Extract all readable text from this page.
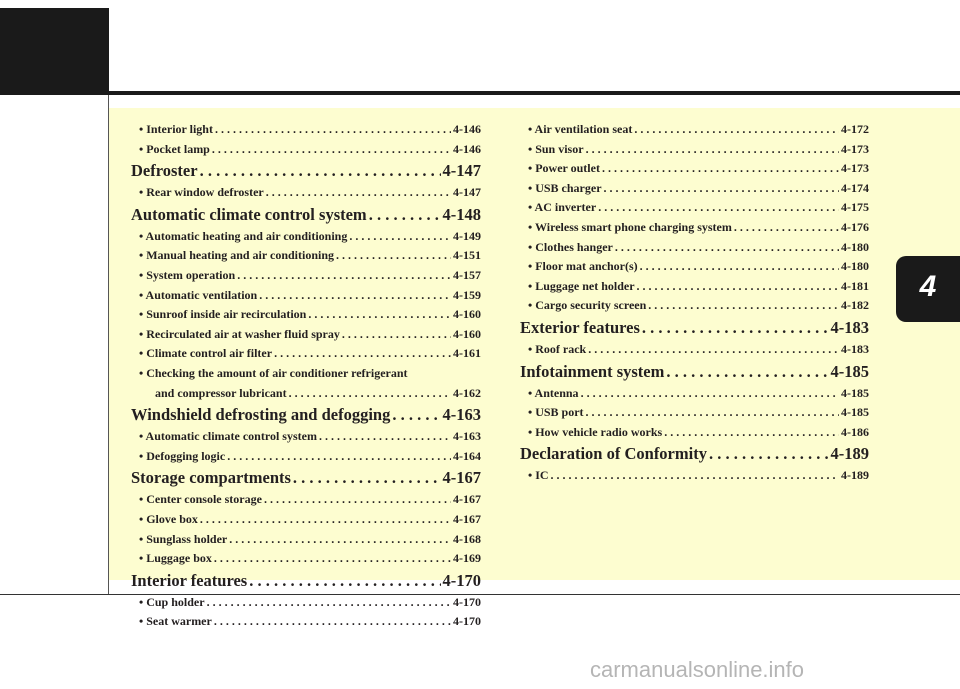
4
• Interior light . . .	4-146
• Pocket lamp . . .	4-146
Defroster . . .	4-147
• Rear window defroster . . .	4-147
Automatic climate control system . . .	4-148
• Automatic heating and air conditioning . . .	4-149
• Manual heating and air conditioning . . .	4-151
• System operation . . .	4-157
• Automatic ventilation . . .	4-159
• Sunroof inside air recirculation . . .	4-160
• Recirculated air at washer fluid spray . . .	4-160
• Climate control air filter . . .	4-161
• Checking the amount of air conditioner refrigerant
and compressor lubricant . . .	4-162
Windshield defrosting and defogging . . .	4-163
• Automatic climate control system . . .	4-163
• Defogging logic . . .	4-164
Storage compartments . . .	4-167
• Center console storage . . .	4-167
• Glove box . . .	4-167
• Sunglass holder . . .	4-168
• Luggage box . . .	4-169
Interior features . . .	4-170
• Cup holder . . .	4-170
• Seat warmer . . .	4-170
• Air ventilation seat . . .	4-172
• Sun visor . . .	4-173
• Power outlet . . .	4-173
• USB charger . . .	4-174
• AC inverter . . .	4-175
• Wireless smart phone charging system . . .	4-176
• Clothes hanger . . .	4-180
• Floor mat anchor(s) . . .	4-180
• Luggage net holder . . .	4-181
• Cargo security screen . . .	4-182
Exterior features . . .	4-183
• Roof rack . . .	4-183
Infotainment system . . .	4-185
• Antenna . . .	4-185
• USB port . . .	4-185
• How vehicle radio works . . .	4-186
Declaration of Conformity . . .	4-189
• IC . . .	4-189
carmanualsonline.info
